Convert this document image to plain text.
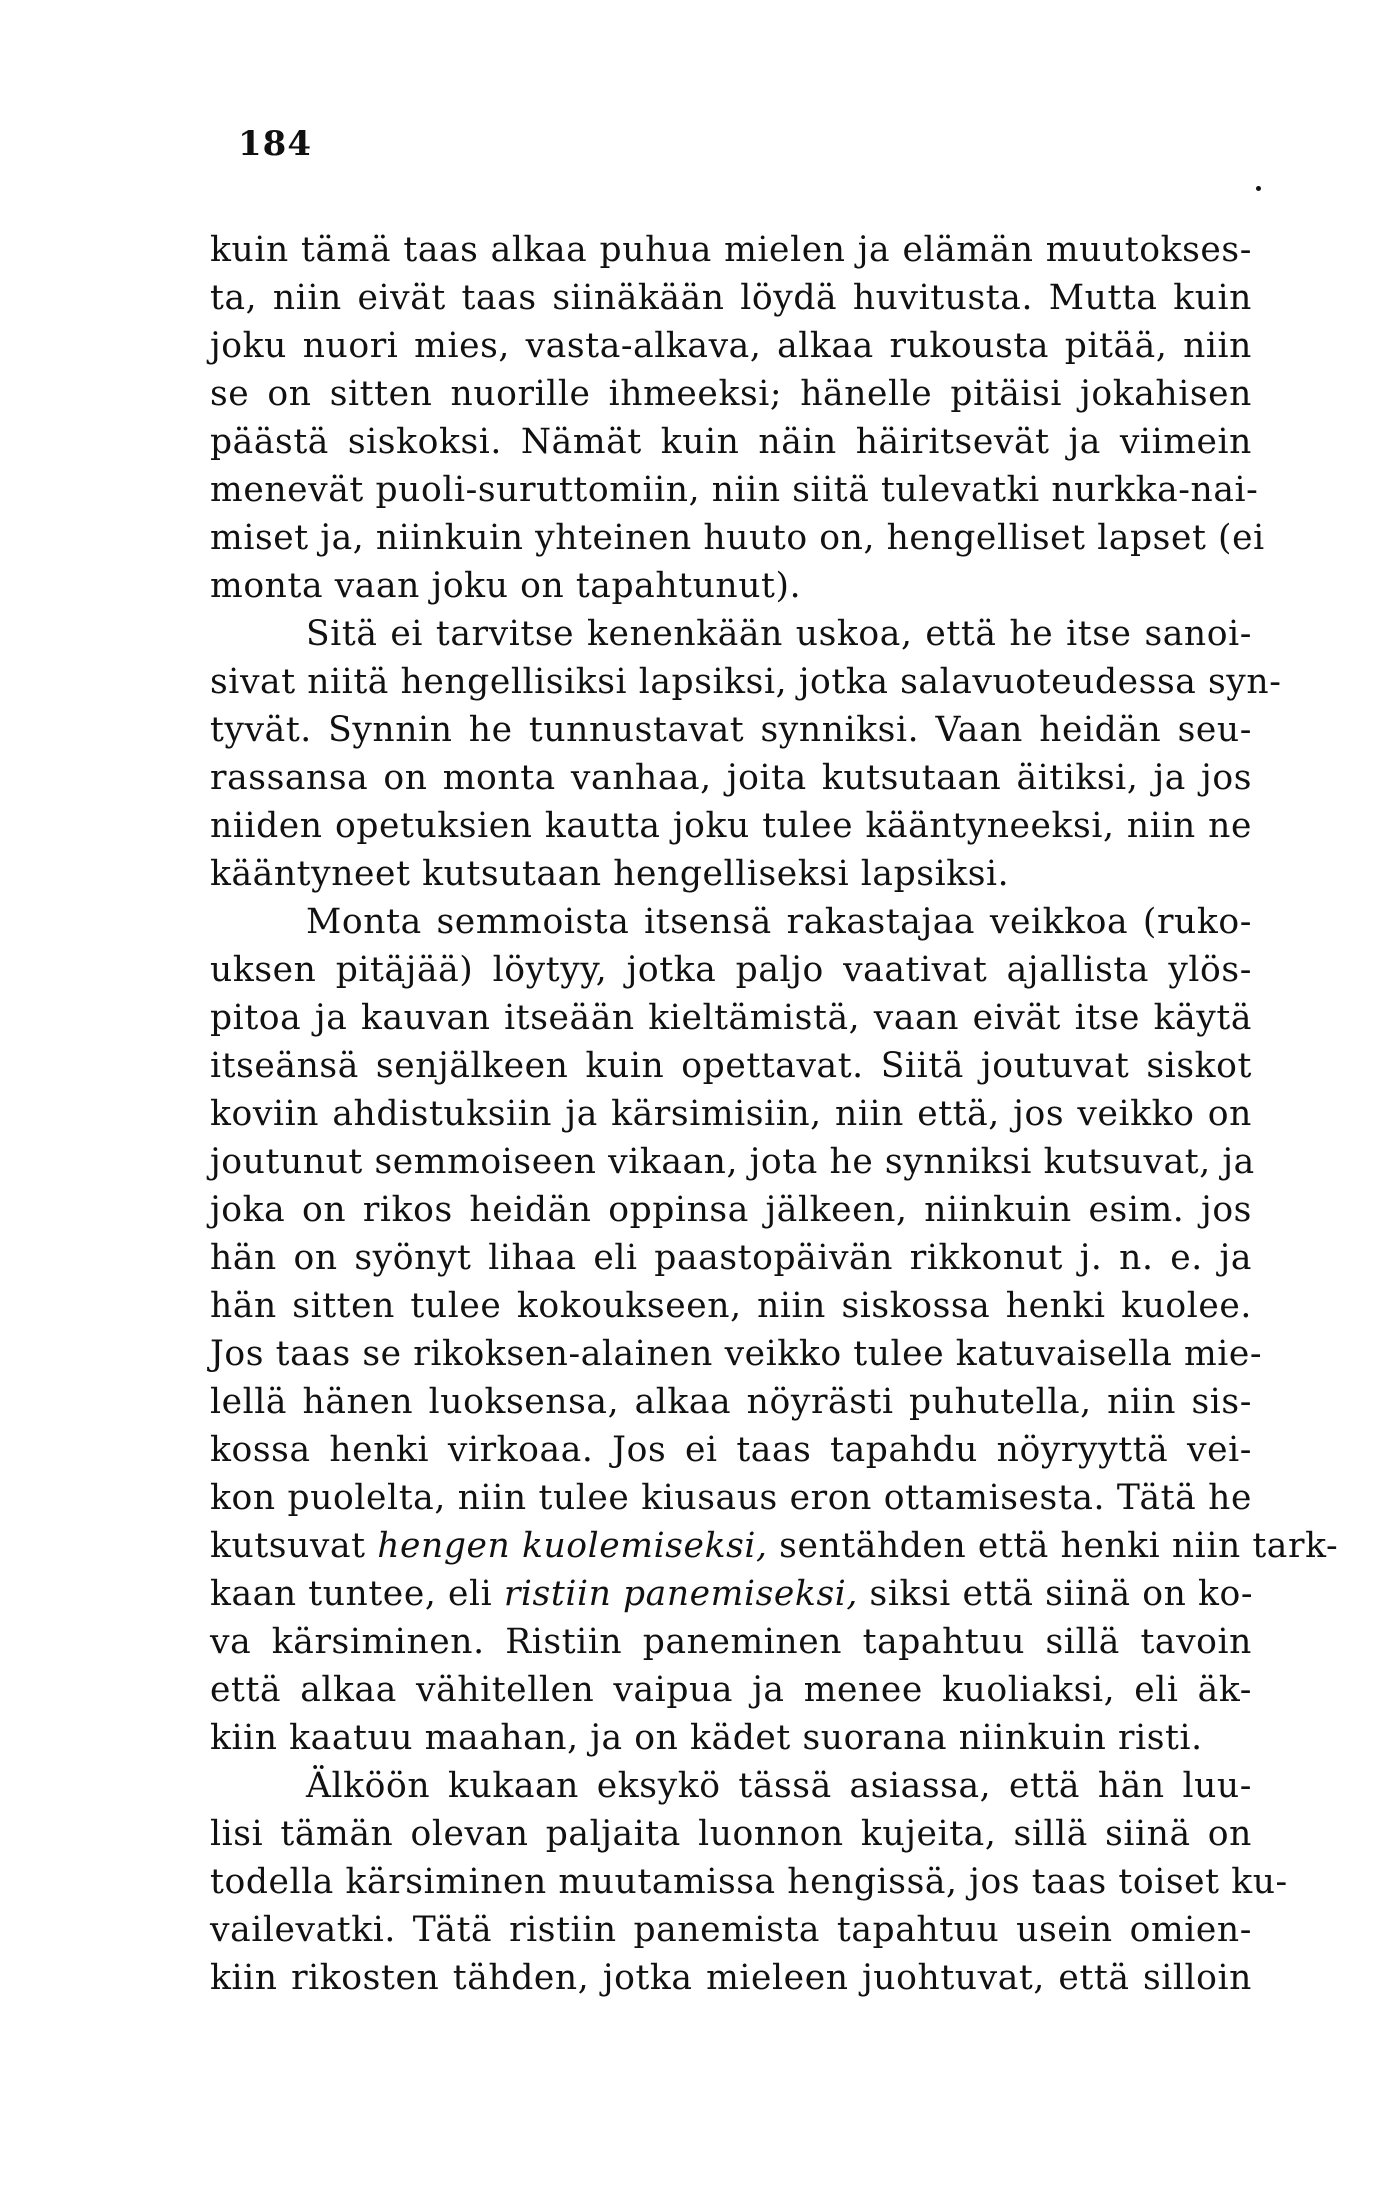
184
kuin tämä taas alkaa puhua mielen ja elämän muutokses-
ta, niin eivät taas siinäkään löydä huvitusta. Mutta kuin
joku nuori mies, vasta-alkava, alkaa rukousta pitää, niin
se on sitten nuorille ihmeeksi; hänelle pitäisi jokahisen
päästä siskoksi. Nämät kuin näin häiritsevät ja viimein
menevät puoli-suruttomiin, niin siitä tulevatki nurkka-nai-
miset ja, niinkuin yhteinen huuto on, hengelliset lapset (ei
monta vaan joku on tapahtunut).
Sitä ei tarvitse kenenkään uskoa, että he itse sanoi-
sivat niitä hengellisiksi lapsiksi, jotka salavuoteudessa syn-
tyvät. Synnin he tunnustavat synniksi. Vaan heidän seu-
rassansa on monta vanhaa, joita kutsutaan äitiksi, ja jos
niiden opetuksien kautta joku tulee kääntyneeksi, niin ne
kääntyneet kutsutaan hengelliseksi lapsiksi.
Monta semmoista itsensä rakastajaa veikkoa (ruko-
uksen pitäjää) löytyy, jotka paljo vaativat ajallista ylös-
pitoa ja kauvan itseään kieltämistä, vaan eivät itse käytä
itseänsä senjälkeen kuin opettavat. Siitä joutuvat siskot
koviin ahdistuksiin ja kärsimisiin, niin että, jos veikko on
joutunut semmoiseen vikaan, jota he synniksi kutsuvat, ja
joka on rikos heidän oppinsa jälkeen, niinkuin esim. jos
hän on syönyt lihaa eli paastopäivän rikkonut j. n. e. ja
hän sitten tulee kokoukseen, niin siskossa henki kuolee.
Jos taas se rikoksen-alainen veikko tulee katuvaisella mie-
lellä hänen luoksensa, alkaa nöyrästi puhutella, niin sis-
kossa henki virkoaa. Jos ei taas tapahdu nöyryyttä vei-
kon puolelta, niin tulee kiusaus eron ottamisesta. Tätä he
kutsuvat hengen kuolemiseksi, sentähden että henki niin tark-
kaan tuntee, eli ristiin panemiseksi, siksi että siinä on ko-
va kärsiminen. Ristiin paneminen tapahtuu sillä tavoin
että alkaa vähitellen vaipua ja menee kuoliaksi, eli äk-
kiin kaatuu maahan, ja on kädet suorana niinkuin risti.
Älköön kukaan eksykö tässä asiassa, että hän luu-
lisi tämän olevan paljaita luonnon kujeita, sillä siinä on
todella kärsiminen muutamissa hengissä, jos taas toiset ku-
vailevatki. Tätä ristiin panemista tapahtuu usein omien-
kiin rikosten tähden, jotka mieleen juohtuvat, että silloin
